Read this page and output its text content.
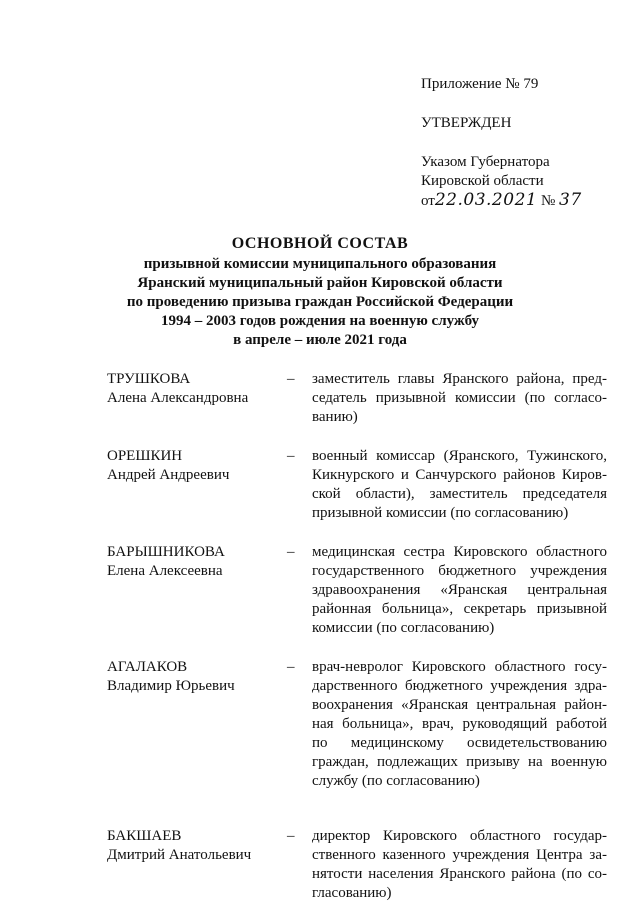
Приложение № 79
УТВЕРЖДЕН
Указом Губернатора
Кировской области
от22.03.2021 № 37
ОСНОВНОЙ СОСТАВ
призывной комиссии муниципального образования
Яранский муниципальный район Кировской области
по проведению призыва граждан Российской Федерации
1994 – 2003 годов рождения на военную службу
в апреле – июле 2021 года
ТРУШКОВА
Алена Александровна
–	заместитель главы Яранского района, председатель призывной комиссии (по согласованию)
ОРЕШКИН
Андрей Андреевич
–	военный комиссар (Яранского, Тужинского, Кикнурского и Санчурского районов Кировской области), заместитель председателя призывной комиссии (по согласованию)
БАРЫШНИКОВА
Елена Алексеевна
–	медицинская сестра Кировского областного государственного бюджетного учреждения здравоохранения «Яранская центральная районная больница», секретарь призывной комиссии (по согласованию)
АГАЛАКОВ
Владимир Юрьевич
–	врач-невролог Кировского областного государственного бюджетного учреждения здравоохранения «Яранская центральная районная больница», врач, руководящий работой по медицинскому освидетельствованию граждан, подлежащих призыву на военную службу (по согласованию)
БАКШАЕВ
Дмитрий Анатольевич
–	директор Кировского областного государственного казенного учреждения Центра занятости населения Яранского района (по согласованию)
